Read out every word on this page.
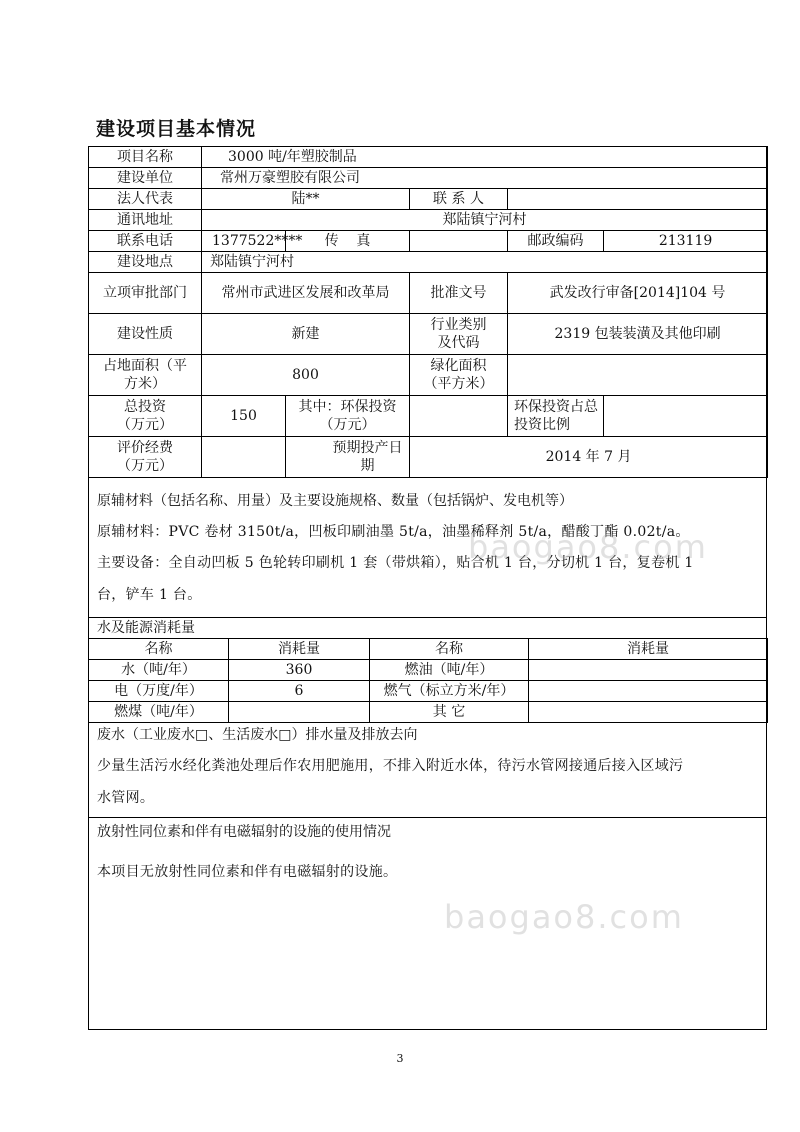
建设项目基本情况
项目名称	3000 吨/年塑胶制品				
建设单位	常州万豪塑胶有限公司				
法人代表	陆**		联 系 人		
通讯地址	郑陆镇宁河村				
联系电话	1377522****	传    真		邮政编码	213119
建设地点	郑陆镇宁河村				
立项审批部门	常州市武进区发展和改革局		批准文号	武发改行审备[2014]104 号	
建设性质	新建		行业类别及代码	2319 包装装潢及其他印刷	
占地面积（平方米）	800		绿化面积（平方米）		
总投资（万元）	150	其中：环保投资（万元）		环保投资占总投资比例	
评价经费（万元）		预期投产日期	2014 年 7 月		
原辅材料（包括名称、用量）及主要设施规格、数量（包括锅炉、发电机等）
原辅材料：PVC 卷材 3150t/a，凹板印刷油墨 5t/a，油墨稀释剂 5t/a，醋酸丁酯 0.02t/a。
主要设备：全自动凹板 5 色轮转印刷机 1 套（带烘箱），贴合机 1 台，分切机 1 台，复卷机 1
台，铲车 1 台。
水及能源消耗量
名称	消耗量	名称	消耗量
水（吨/年）	360	燃油（吨/年）	
电（万度/年）	6	燃气（标立方米/年）	
燃煤（吨/年）		其 它	
废水（工业废水□、生活废水□）排水量及排放去向
少量生活污水经化粪池处理后作农用肥施用，不排入附近水体，待污水管网接通后接入区域污
水管网。
放射性同位素和伴有电磁辐射的设施的使用情况
本项目无放射性同位素和伴有电磁辐射的设施。
baogao8.com
baogao8.com
3
